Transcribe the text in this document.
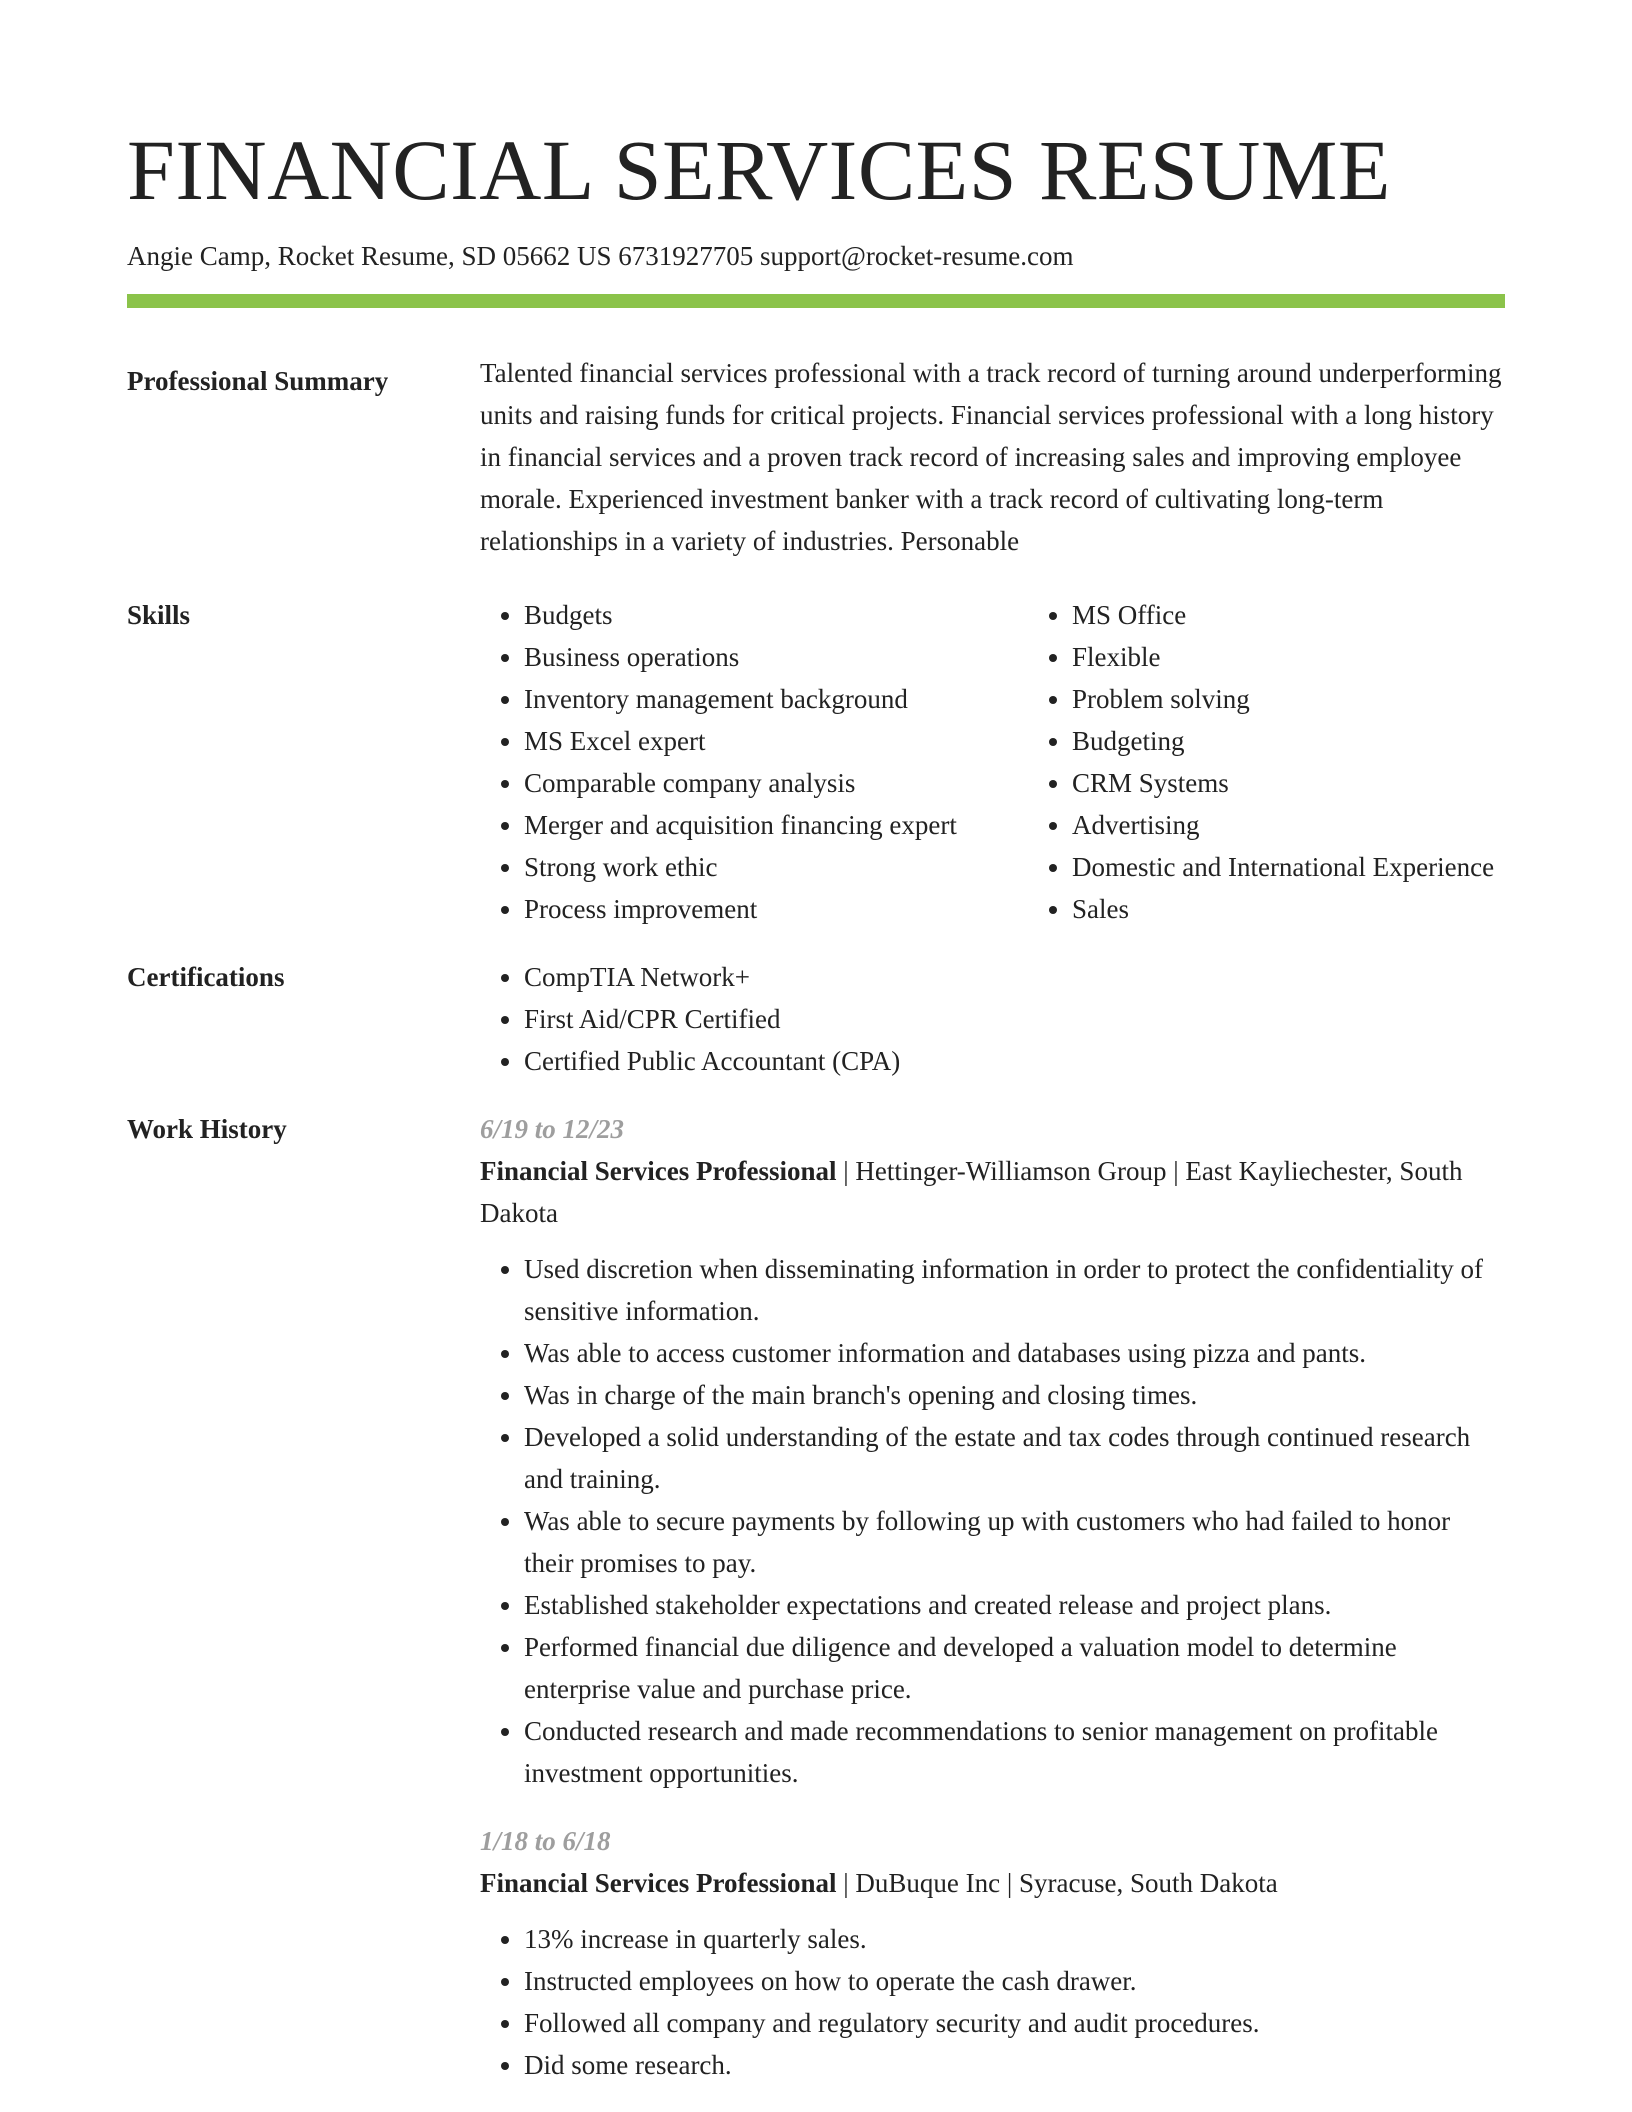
FINANCIAL SERVICES RESUME
Angie Camp, Rocket Resume, SD 05662 US 6731927705 support@rocket-resume.com
Professional Summary	Talented financial services professional with a track record of turning around underperforming units and raising funds for critical projects. Financial services professional with a long history in financial services and a proven track record of increasing sales and improving employee morale. Experienced investment banker with a track record of cultivating long-term relationships in a variety of industries. Personable

Skills	• Budgets
• Business operations
• Inventory management background
• MS Excel expert
• Comparable company analysis
• Merger and acquisition financing expert
• Strong work ethic
• Process improvement
• MS Office
• Flexible
• Problem solving
• Budgeting
• CRM Systems
• Advertising
• Domestic and International Experience
• Sales
Certifications	• CompTIA Network+
• First Aid/CPR Certified
• Certified Public Accountant (CPA)
Work History	6/19 to 12/23
Financial Services Professional | Hettinger-Williamson Group | East Kayliechester, South Dakota
• Used discretion when disseminating information in order to protect the confidentiality of sensitive information.
• Was able to access customer information and databases using pizza and pants.
• Was in charge of the main branch's opening and closing times.
• Developed a solid understanding of the estate and tax codes through continued research and training.
• Was able to secure payments by following up with customers who had failed to honor their promises to pay.
• Established stakeholder expectations and created release and project plans.
• Performed financial due diligence and developed a valuation model to determine enterprise value and purchase price.
• Conducted research and made recommendations to senior management on profitable investment opportunities.
1/18 to 6/18
Financial Services Professional | DuBuque Inc | Syracuse, South Dakota
• 13% increase in quarterly sales.
• Instructed employees on how to operate the cash drawer.
• Followed all company and regulatory security and audit procedures.
• Did some research.
